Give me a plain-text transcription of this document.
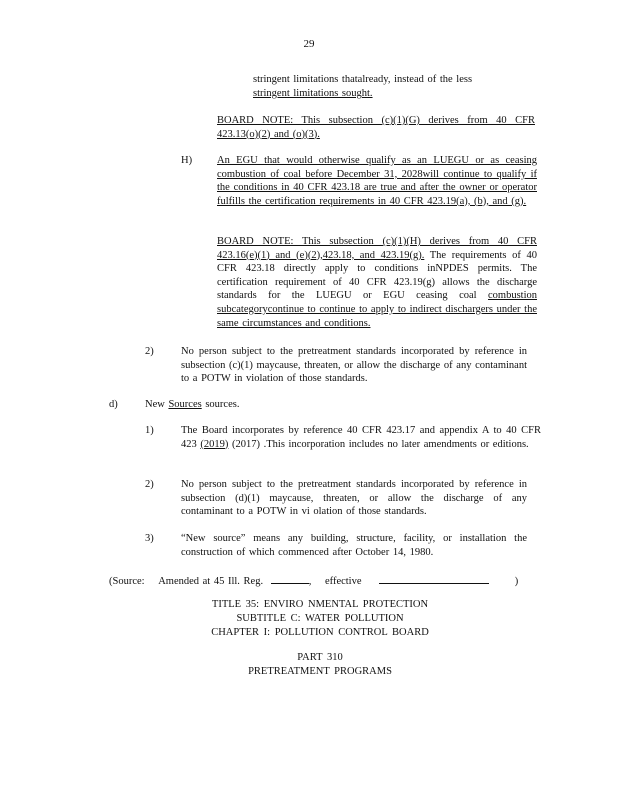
29
stringent limitations thatalready, instead of the less
stringent limitations sought.
BOARD NOTE: This subsection (c)(1)(G) derives from 40 CFR 423.13(o)(2) and (o)(3).
H) An EGU that would otherwise qualify as an LUEGU or as ceasing combustion of coal before December 31, 2028will continue to qualify if the conditions in 40 CFR 423.18 are true and after the owner or operator fulfills the certification requirements in 40 CFR 423.19(a), (b), and (g).
BOARD NOTE: This subsection (c)(1)(H) derives from 40 CFR 423.16(e)(1) and (e)(2),423.18, and 423.19(g). The requirements of 40 CFR 423.18 directly apply to conditions inNPDES permits. The certification requirement of 40 CFR 423.19(g) allows the discharge standards for the LUEGU or EGU ceasing coal combustion subcategorycontinue to continue to apply to indirect dischargers under the same circumstances and conditions.
2)	No person subject to the pretreatment standards incorporated by reference in subsection (c)(1) maycause, threaten, or allow the discharge of any contaminant to a POTW in violation of those standards.
d)	New Sources sources.
1)	The Board incorporates by reference 40 CFR 423.17 and appendix A to 40 CFR 423 (2019) (2017) .This incorporation includes no later amendments or editions.
2)	No person subject to the pretreatment standards incorporated by reference in subsection (d)(1) maycause, threaten, or allow the discharge of any contaminant to a POTW in vi olation of those standards.
3)	“New source” means any building, structure, facility, or installation the construction of which commenced after October 14, 1980.
(Source: Amended at 45 Ill. Reg.	, effective	)
TITLE 35: ENVIRO NMENTAL PROTECTION
SUBTITLE C: WATER POLLUTION
CHAPTER I: POLLUTION CONTROL BOARD
PART 310
PRETREATMENT PROGRAMS
